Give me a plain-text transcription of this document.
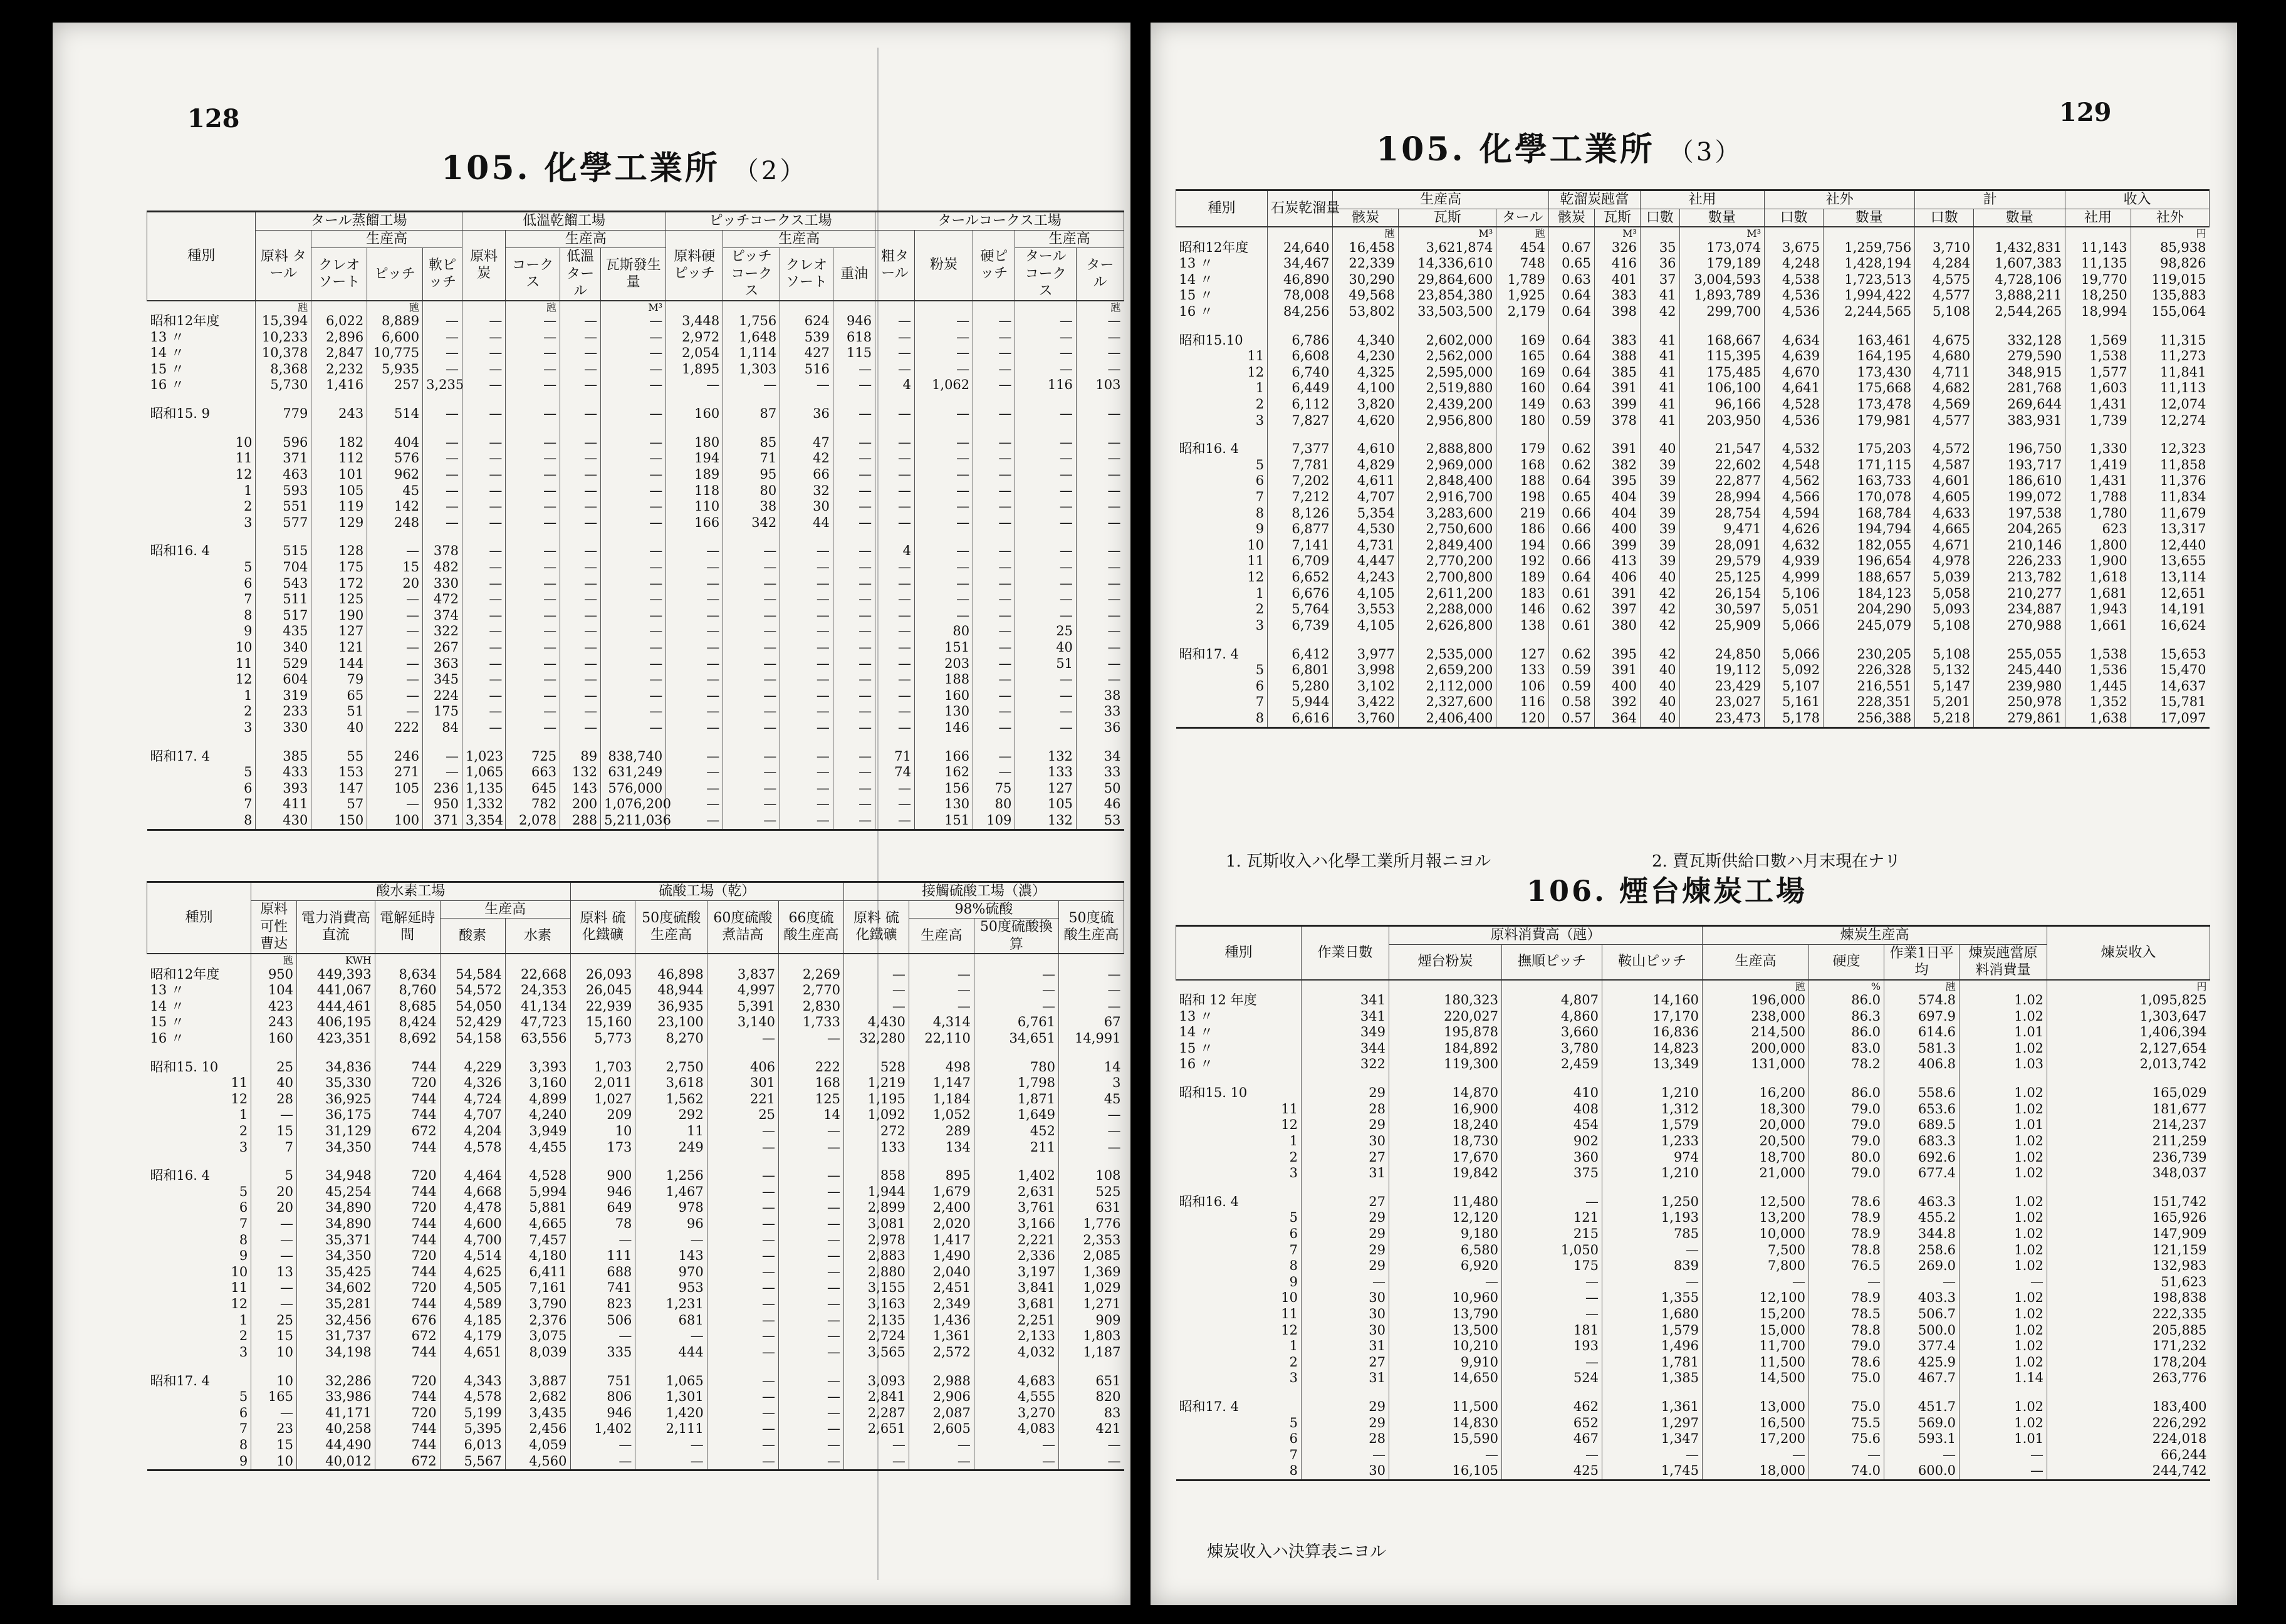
128
105. 化學工業所 （2）
種別	タール蒸餾工場				低溫乾餾工場				ピッチコークス工場				タールコークス工場				
	原料 タール	生産高			原料炭	生産高			原料硬ピッチ	生産高			粗タール	粉炭	硬ピッチ	生産高	
		クレオソート	ピッチ	軟ピッチ		コークス	低溫タール	瓦斯發生量		ピッチコークス	クレオソート	重油				タールコークス	タール
	瓲		瓲			瓲		M³									瓲
昭和12年度	15,394	6,022	8,889	—	—	—	—	—	3,448	1,756	624	946	—	—	—	—	—
13 〃	10,233	2,896	6,600	—	—	—	—	—	2,972	1,648	539	618	—	—	—	—	—
14 〃	10,378	2,847	10,775	—	—	—	—	—	2,054	1,114	427	115	—	—	—	—	—
15 〃	8,368	2,232	5,935	—	—	—	—	—	1,895	1,303	516	—	—	—	—	—	—
16 〃	5,730	1,416	257	3,235	—	—	—	—	—	—	—	—	4	1,062	—	116	103

昭和15. 9	779	243	514	—	—	—	—	—	160	87	36	—	—	—	—	—	—

10	596	182	404	—	—	—	—	—	180	85	47	—	—	—	—	—	—
11	371	112	576	—	—	—	—	—	194	71	42	—	—	—	—	—	—
12	463	101	962	—	—	—	—	—	189	95	66	—	—	—	—	—	—
1	593	105	45	—	—	—	—	—	118	80	32	—	—	—	—	—	—
2	551	119	142	—	—	—	—	—	110	38	30	—	—	—	—	—	—
3	577	129	248	—	—	—	—	—	166	342	44	—	—	—	—	—	—

昭和16. 4	515	128	—	378	—	—	—	—	—	—	—	—	4	—	—	—	—
5	704	175	15	482	—	—	—	—	—	—	—	—	—	—	—	—	—
6	543	172	20	330	—	—	—	—	—	—	—	—	—	—	—	—	—
7	511	125	—	472	—	—	—	—	—	—	—	—	—	—	—	—	—
8	517	190	—	374	—	—	—	—	—	—	—	—	—	—	—	—	—
9	435	127	—	322	—	—	—	—	—	—	—	—	—	80	—	25	—
10	340	121	—	267	—	—	—	—	—	—	—	—	—	151	—	40	—
11	529	144	—	363	—	—	—	—	—	—	—	—	—	203	—	51	—
12	604	79	—	345	—	—	—	—	—	—	—	—	—	188	—	—	—
1	319	65	—	224	—	—	—	—	—	—	—	—	—	160	—	—	38
2	233	51	—	175	—	—	—	—	—	—	—	—	—	130	—	—	33
3	330	40	222	84	—	—	—	—	—	—	—	—	—	146	—	—	36

昭和17. 4	385	55	246	—	1,023	725	89	838,740	—	—	—	—	71	166	—	132	34
5	433	153	271	—	1,065	663	132	631,249	—	—	—	—	74	162	—	133	33
6	393	147	105	236	1,135	645	143	576,000	—	—	—	—	—	156	75	127	50
7	411	57	—	950	1,332	782	200	1,076,200	—	—	—	—	—	130	80	105	46
8	430	150	100	371	3,354	2,078	288	5,211,036	—	—	—	—	—	151	109	132	53
種別	酸水素工場					硫酸工場（乾）				接觸硫酸工場（濃）			
	原料可性曹达	電力消費高 直流	電解延時間	生産高		原料 硫化鐵礦	50度硫酸生産高	60度硫酸煮詰高	66度硫酸生産高	原料 硫化鐵礦	98%硫酸		50度硫酸生産高
				酸素	水素						生産高	50度硫酸換算	
	瓲	KWH											
昭和12年度	950	449,393	8,634	54,584	22,668	26,093	46,898	3,837	2,269	—	—	—	—
13 〃	104	441,067	8,760	54,572	24,353	26,045	48,944	4,997	2,770	—	—	—	—
14 〃	423	444,461	8,685	54,050	41,134	22,939	36,935	5,391	2,830	—	—	—	—
15 〃	243	406,195	8,424	52,429	47,723	15,160	23,100	3,140	1,733	4,430	4,314	6,761	67
16 〃	160	423,351	8,692	54,158	63,556	5,773	8,270	—	—	32,280	22,110	34,651	14,991

昭和15. 10	25	34,836	744	4,229	3,393	1,703	2,750	406	222	528	498	780	14
11	40	35,330	720	4,326	3,160	2,011	3,618	301	168	1,219	1,147	1,798	3
12	28	36,925	744	4,724	4,899	1,027	1,562	221	125	1,195	1,184	1,871	45
1	—	36,175	744	4,707	4,240	209	292	25	14	1,092	1,052	1,649	—
2	15	31,129	672	4,204	3,949	10	11	—	—	272	289	452	—
3	7	34,350	744	4,578	4,455	173	249	—	—	133	134	211	—

昭和16. 4	5	34,948	720	4,464	4,528	900	1,256	—	—	858	895	1,402	108
5	20	45,254	744	4,668	5,994	946	1,467	—	—	1,944	1,679	2,631	525
6	20	34,890	720	4,478	5,881	649	978	—	—	2,899	2,400	3,761	631
7	—	34,890	744	4,600	4,665	78	96	—	—	3,081	2,020	3,166	1,776
8	—	35,371	744	4,700	7,457	—	—	—	—	2,978	1,417	2,221	2,353
9	—	34,350	720	4,514	4,180	111	143	—	—	2,883	1,490	2,336	2,085
10	13	35,425	744	4,625	6,411	688	970	—	—	2,880	2,040	3,197	1,369
11	—	34,602	720	4,505	7,161	741	953	—	—	3,155	2,451	3,841	1,029
12	—	35,281	744	4,589	3,790	823	1,231	—	—	3,163	2,349	3,681	1,271
1	25	32,456	676	4,185	2,376	506	681	—	—	2,135	1,436	2,251	909
2	15	31,737	672	4,179	3,075	—	—	—	—	2,724	1,361	2,133	1,803
3	10	34,198	744	4,651	8,039	335	444	—	—	3,565	2,572	4,032	1,187

昭和17. 4	10	32,286	720	4,343	3,887	751	1,065	—	—	3,093	2,988	4,683	651
5	165	33,986	744	4,578	2,682	806	1,301	—	—	2,841	2,906	4,555	820
6	—	41,171	720	5,199	3,435	946	1,420	—	—	2,287	2,087	3,270	83
7	23	40,258	744	5,395	2,456	1,402	2,111	—	—	2,651	2,605	4,083	421
8	15	44,490	744	6,013	4,059	—	—	—	—	—	—	—	—
9	10	40,012	672	5,567	4,560	—	—	—	—	—	—	—	—
129
105. 化學工業所 （3）
種別	石炭乾溜量	生産高			乾溜炭瓲當		社用		社外		計		收入	
		骸炭	瓦斯	タール	骸炭	瓦斯	口數	數量	口數	數量	口數	數量	社用	社外

		瓲	M³	瓲		M³		M³						円
昭和12年度	24,640	16,458	3,621,874	454	0.67	326	35	173,074	3,675	1,259,756	3,710	1,432,831	11,143	85,938
13 〃	34,467	22,339	14,336,610	748	0.65	416	36	179,189	4,248	1,428,194	4,284	1,607,383	11,135	98,826
14 〃	46,890	30,290	29,864,600	1,789	0.63	401	37	3,004,593	4,538	1,723,513	4,575	4,728,106	19,770	119,015
15 〃	78,008	49,568	23,854,380	1,925	0.64	383	41	1,893,789	4,536	1,994,422	4,577	3,888,211	18,250	135,883
16 〃	84,256	53,802	33,503,500	2,179	0.64	398	42	299,700	4,536	2,244,565	5,108	2,544,265	18,994	155,064

昭和15.10	6,786	4,340	2,602,000	169	0.64	383	41	168,667	4,634	163,461	4,675	332,128	1,569	11,315
11	6,608	4,230	2,562,000	165	0.64	388	41	115,395	4,639	164,195	4,680	279,590	1,538	11,273
12	6,740	4,325	2,595,000	169	0.64	385	41	175,485	4,670	173,430	4,711	348,915	1,577	11,841
1	6,449	4,100	2,519,880	160	0.64	391	41	106,100	4,641	175,668	4,682	281,768	1,603	11,113
2	6,112	3,820	2,439,200	149	0.63	399	41	96,166	4,528	173,478	4,569	269,644	1,431	12,074
3	7,827	4,620	2,956,800	180	0.59	378	41	203,950	4,536	179,981	4,577	383,931	1,739	12,274

昭和16. 4	7,377	4,610	2,888,800	179	0.62	391	40	21,547	4,532	175,203	4,572	196,750	1,330	12,323
5	7,781	4,829	2,969,000	168	0.62	382	39	22,602	4,548	171,115	4,587	193,717	1,419	11,858
6	7,202	4,611	2,848,400	188	0.64	395	39	22,877	4,562	163,733	4,601	186,610	1,431	11,376
7	7,212	4,707	2,916,700	198	0.65	404	39	28,994	4,566	170,078	4,605	199,072	1,788	11,834
8	8,126	5,354	3,283,600	219	0.66	404	39	28,754	4,594	168,784	4,633	197,538	1,780	11,679
9	6,877	4,530	2,750,600	186	0.66	400	39	9,471	4,626	194,794	4,665	204,265	623	13,317
10	7,141	4,731	2,849,400	194	0.66	399	39	28,091	4,632	182,055	4,671	210,146	1,800	12,440
11	6,709	4,447	2,770,200	192	0.66	413	39	29,579	4,939	196,654	4,978	226,233	1,900	13,655
12	6,652	4,243	2,700,800	189	0.64	406	40	25,125	4,999	188,657	5,039	213,782	1,618	13,114
1	6,676	4,105	2,611,200	183	0.61	391	42	26,154	5,106	184,123	5,058	210,277	1,681	12,651
2	5,764	3,553	2,288,000	146	0.62	397	42	30,597	5,051	204,290	5,093	234,887	1,943	14,191
3	6,739	4,105	2,626,800	138	0.61	380	42	25,909	5,066	245,079	5,108	270,988	1,661	16,624

昭和17. 4	6,412	3,977	2,535,000	127	0.62	395	42	24,850	5,066	230,205	5,108	255,055	1,538	15,653
5	6,801	3,998	2,659,200	133	0.59	391	40	19,112	5,092	226,328	5,132	245,440	1,536	15,470
6	5,280	3,102	2,112,000	106	0.59	400	40	23,429	5,107	216,551	5,147	239,980	1,445	14,637
7	5,944	3,422	2,327,600	116	0.58	392	40	23,027	5,161	228,351	5,201	250,978	1,352	15,781
8	6,616	3,760	2,406,400	120	0.57	364	40	23,473	5,178	256,388	5,218	279,861	1,638	17,097
1. 瓦斯收入ハ化學工業所月報ニヨル	2. 賣瓦斯供給口數ハ月末現在ナリ
106. 煙台煉炭工場
種別	作業日數	原料消費高（瓲）			煉炭生産高				煉炭收入
		煙台粉炭	撫順ピッチ	鞍山ピッチ	生産高	硬度	作業1日平均	煉炭瓲當原料消費量	

					瓲	%	瓲		円
昭和 12 年度	341	180,323	4,807	14,160	196,000	86.0	574.8	1.02	1,095,825
13 〃	341	220,027	4,860	17,170	238,000	86.3	697.9	1.02	1,303,647
14 〃	349	195,878	3,660	16,836	214,500	86.0	614.6	1.01	1,406,394
15 〃	344	184,892	3,780	14,823	200,000	83.0	581.3	1.02	2,127,654
16 〃	322	119,300	2,459	13,349	131,000	78.2	406.8	1.03	2,013,742

昭和15. 10	29	14,870	410	1,210	16,200	86.0	558.6	1.02	165,029
11	28	16,900	408	1,312	18,300	79.0	653.6	1.02	181,677
12	29	18,240	454	1,579	20,000	79.0	689.5	1.01	214,237
1	30	18,730	902	1,233	20,500	79.0	683.3	1.02	211,259
2	27	17,670	360	974	18,700	80.0	692.6	1.02	236,739
3	31	19,842	375	1,210	21,000	79.0	677.4	1.02	348,037

昭和16. 4	27	11,480	—	1,250	12,500	78.6	463.3	1.02	151,742
5	29	12,120	121	1,193	13,200	78.9	455.2	1.02	165,926
6	29	9,180	215	785	10,000	78.9	344.8	1.02	147,909
7	29	6,580	1,050	—	7,500	78.8	258.6	1.02	121,159
8	29	6,920	175	839	7,800	76.5	269.0	1.02	132,983
9	—	—	—	—	—	—	—	—	51,623
10	30	10,960	—	1,355	12,100	78.9	403.3	1.02	198,838
11	30	13,790	—	1,680	15,200	78.5	506.7	1.02	222,335
12	30	13,500	181	1,579	15,000	78.8	500.0	1.02	205,885
1	31	10,210	193	1,496	11,700	79.0	377.4	1.02	171,232
2	27	9,910	—	1,781	11,500	78.6	425.9	1.02	178,204
3	31	14,650	524	1,385	14,500	75.0	467.7	1.14	263,776

昭和17. 4	29	11,500	462	1,361	13,000	75.0	451.7	1.02	183,400
5	29	14,830	652	1,297	16,500	75.5	569.0	1.02	226,292
6	28	15,590	467	1,347	17,200	75.6	593.1	1.01	224,018
7	—	—	—	—	—	—	—	—	66,244
8	30	16,105	425	1,745	18,000	74.0	600.0	—	244,742
煉炭收入ハ決算表ニヨル
